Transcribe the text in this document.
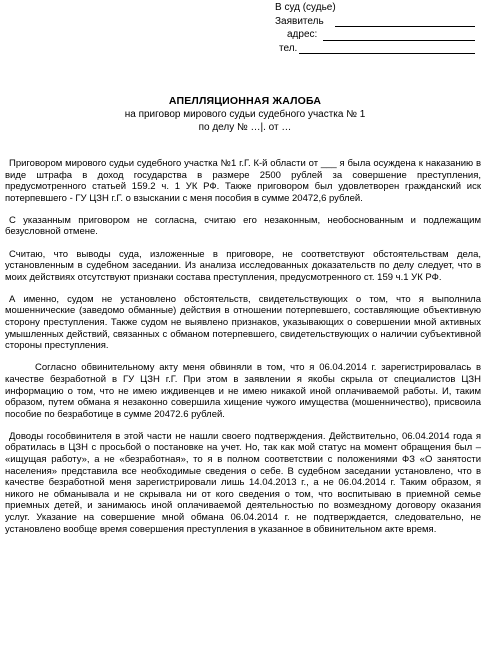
В суд (судье)
Заявитель
адрес:
тел.
АПЕЛЛЯЦИОННАЯ ЖАЛОБА
на приговор мирового судьи судебного участка № 1
по делу № …|. от …

Приговором мирового судьи судебного участка №1 г.Г. К-й области от ___ я была осуждена к наказанию в виде штрафа в доход государства в размере 2500 рублей за совершение преступления, предусмотренного статьей 159.2 ч. 1 УК РФ. Также приговором был удовлетворен гражданский иск потерпевшего - ГУ ЦЗН г.Г. о взыскании с меня пособия в сумме 20472,6 рублей.

С указанным приговором не согласна, считаю его незаконным, необоснованным и подлежащим безусловной отмене.

Считаю, что выводы суда, изложенные в приговоре, не соответствуют обстоятельствам дела, установленным в судебном заседании. Из анализа исследованных доказательств по делу следует, что в моих действиях отсутствуют признаки состава преступления, предусмотренного ст. 159 ч.1 УК РФ.

А именно, судом не установлено обстоятельств, свидетельствующих о том, что я выполнила мошеннические (заведомо обманные) действия в отношении потерпевшего, составляющие объективную сторону преступления. Также судом не выявлено признаков, указывающих о совершении мной активных умышленных действий, связанных с обманом потерпевшего, свидетельствующих о наличии субъективной стороны преступления.

Согласно обвинительному акту меня обвиняли в том, что я 06.04.2014 г. зарегистрировалась в качестве безработной в ГУ ЦЗН г.Г. При этом в заявлении я якобы скрыла от специалистов ЦЗН информацию о том, что не имею иждивенцев и не имею никакой иной оплачиваемой работы. И, таким образом, путем обмана я незаконно совершила хищение чужого имущества (мошенничество), присвоила пособие по безработице в сумме 20472.6 рублей.

Доводы гособвинителя в этой части не нашли своего подтверждения. Действительно, 06.04.2014 года я обратилась в ЦЗН с просьбой о постановке на учет. Но, так как мой статус на момент обращения был – «ищущая работу», а не «безработная», то я в полном соответствии с положениями ФЗ «О занятости населения» представила все необходимые сведения о себе. В судебном заседании установлено, что в качестве безработной меня зарегистрировали лишь 14.04.2013 г., а не 06.04.2014 г. Таким образом, я никого не обманывала и не скрывала ни от кого сведения о том, что воспитываю в приемной семье приемных детей, и занимаюсь иной оплачиваемой деятельностью по возмездному договору оказания услуг. Указание на совершение мной обмана 06.04.2014 г. не подтверждается, следовательно, не установлено вообще время совершения преступления в указанное в обвинительном акте время.
